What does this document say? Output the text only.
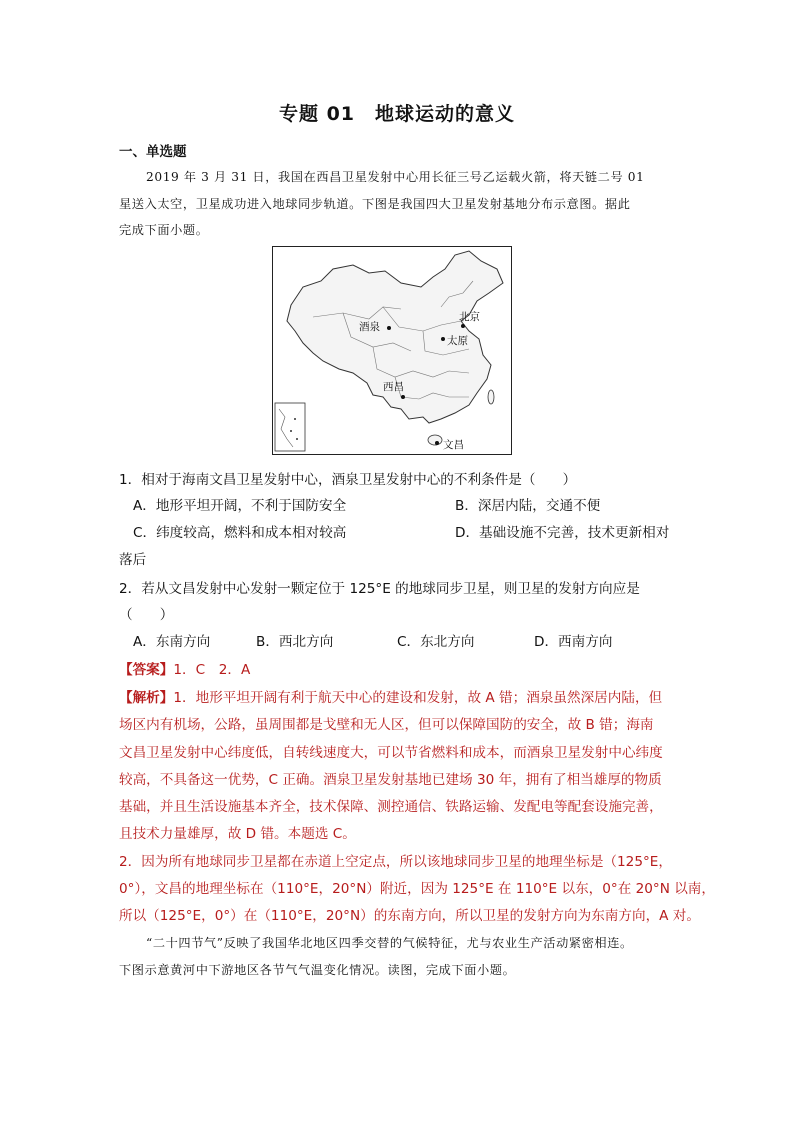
专题 01　地球运动的意义
一、单选题
2019 年 3 月 31 日，我国在西昌卫星发射中心用长征三号乙运载火箭，将天链二号 01
星送入太空，卫星成功进入地球同步轨道。下图是我国四大卫星发射基地分布示意图。据此
完成下面小题。
北京
酒泉
太原
西昌
文昌
1．相对于海南文昌卫星发射中心，酒泉卫星发射中心的不利条件是（　　）
A．地形平坦开阔，不利于国防安全	B．深居内陆，交通不便
C．纬度较高，燃料和成本相对较高	D．基础设施不完善，技术更新相对
落后
2．若从文昌发射中心发射一颗定位于 125°E 的地球同步卫星，则卫星的发射方向应是
（　　）
A．东南方向	B．西北方向	C．东北方向	D．西南方向
【答案】1．C　2．A
【解析】1．地形平坦开阔有利于航天中心的建设和发射，故 A 错；酒泉虽然深居内陆，但
场区内有机场，公路，虽周围都是戈壁和无人区，但可以保障国防的安全，故 B 错；海南
文昌卫星发射中心纬度低，自转线速度大，可以节省燃料和成本，而酒泉卫星发射中心纬度
较高，不具备这一优势，C 正确。酒泉卫星发射基地已建场 30 年，拥有了相当雄厚的物质
基础，并且生活设施基本齐全，技术保障、测控通信、铁路运输、发配电等配套设施完善，
且技术力量雄厚，故 D 错。本题选 C。
2．因为所有地球同步卫星都在赤道上空定点，所以该地球同步卫星的地理坐标是（125°E，
0°），文昌的地理坐标在（110°E，20°N）附近，因为 125°E 在 110°E 以东，0°在 20°N 以南，
所以（125°E，0°）在（110°E，20°N）的东南方向，所以卫星的发射方向为东南方向，A 对。
“二十四节气”反映了我国华北地区四季交替的气候特征，尤与农业生产活动紧密相连。
下图示意黄河中下游地区各节气气温变化情况。读图，完成下面小题。
